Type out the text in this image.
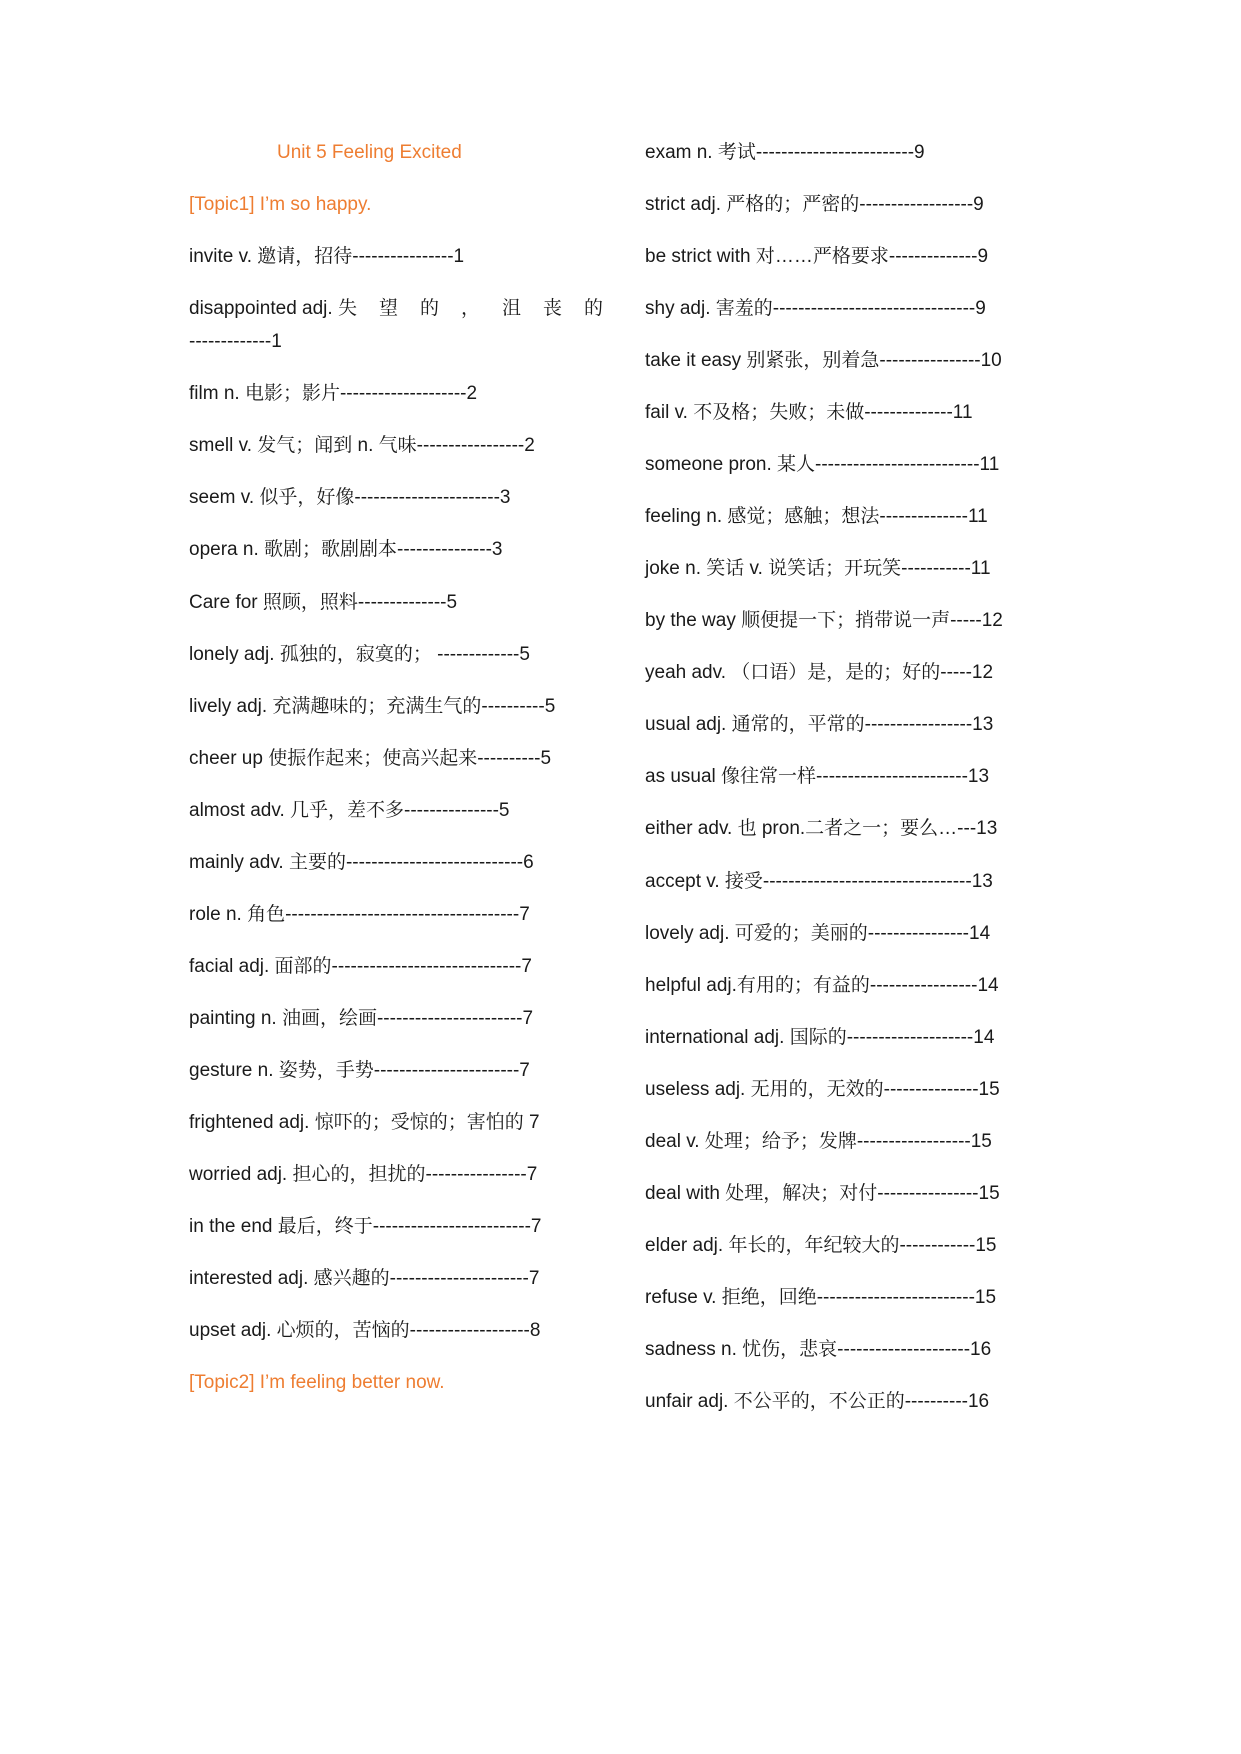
Unit 5 Feeling Excited
[Topic1] I’m so happy.
invite v. 邀请，招待----------------1
disappointed adj. 失 望 的 ， 沮 丧 的
-------------1
film n. 电影；影片--------------------2
smell v. 发气；闻到 n. 气味-----------------2
seem v. 似乎，好像-----------------------3
opera n. 歌剧；歌剧剧本---------------3
Care for 照顾，照料--------------5
lonely adj. 孤独的，寂寞的； -------------5
lively adj. 充满趣味的；充满生气的----------5
cheer up 使振作起来；使高兴起来----------5
almost adv. 几乎，差不多---------------5
mainly adv. 主要的----------------------------6
role n. 角色-------------------------------------7
facial adj. 面部的------------------------------7
painting n. 油画，绘画-----------------------7
gesture n. 姿势，手势-----------------------7
frightened adj. 惊吓的；受惊的；害怕的 7
worried adj. 担心的，担扰的----------------7
in the end 最后，终于-------------------------7
interested adj. 感兴趣的----------------------7
upset adj. 心烦的，苦恼的-------------------8
[Topic2] I’m feeling better now.
exam n. 考试-------------------------9
strict adj. 严格的；严密的------------------9
be strict with 对……严格要求--------------9
shy adj. 害羞的--------------------------------9
take it easy 别紧张，别着急----------------10
fail v. 不及格；失败；未做--------------11
someone pron. 某人--------------------------11
feeling n. 感觉；感触；想法--------------11
joke n. 笑话 v. 说笑话；开玩笑-----------11
by the way 顺便提一下；捎带说一声-----12
yeah adv. （口语）是，是的；好的-----12
usual adj. 通常的，平常的-----------------13
as usual 像往常一样------------------------13
either adv. 也 pron.二者之一；要么…---13
accept v. 接受---------------------------------13
lovely adj. 可爱的；美丽的----------------14
helpful adj.有用的；有益的-----------------14
international adj. 国际的--------------------14
useless adj. 无用的，无效的---------------15
deal v. 处理；给予；发牌------------------15
deal with 处理，解决；对付----------------15
elder adj. 年长的，年纪较大的------------15
refuse v. 拒绝，回绝-------------------------15
sadness n. 忧伤，悲哀---------------------16
unfair adj. 不公平的，不公正的----------16
